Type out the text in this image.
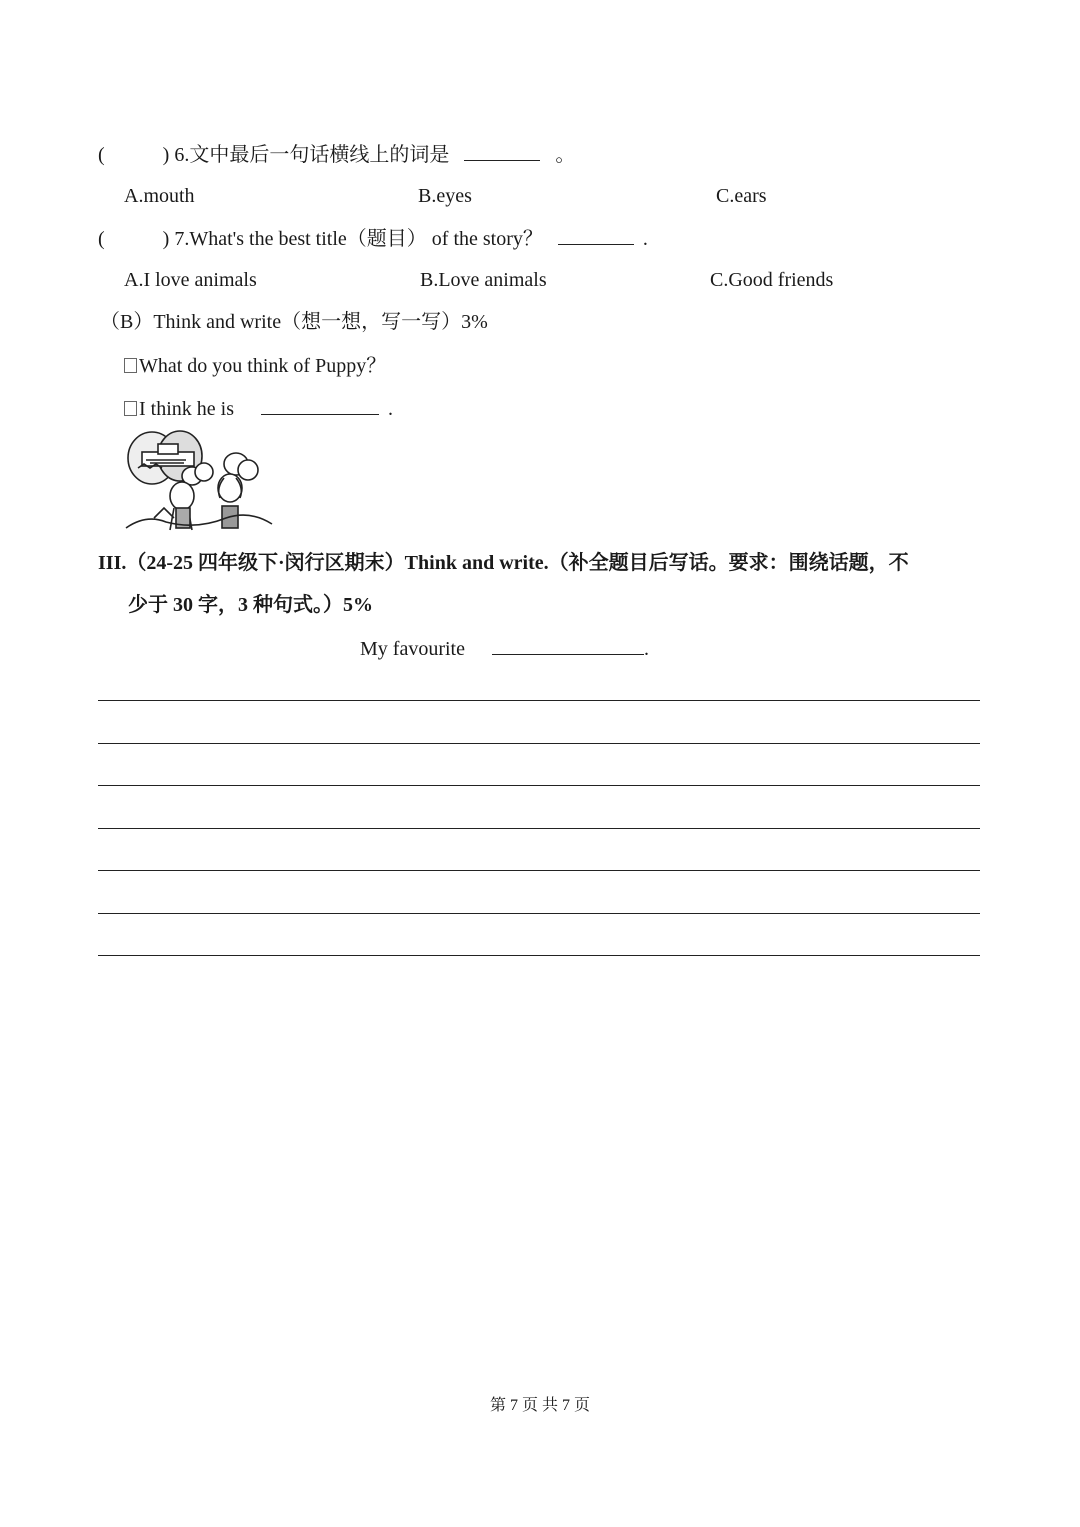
(	) 6.文中最后一句话横线上的词是	。
A.mouth	B.eyes	C.ears
(	) 7.What's the best title（题目） of the story？	.
A.I love animals	B.Love animals	C.Good friends
（B）Think and write（想一想，写一写）3%
What do you think of Puppy？
I think he is	.
III.（24-25 四年级下·闵行区期末）Think and write.（补全题目后写话。要求：围绕话题，不
少于 30 字，3 种句式。）5%
My favourite	.
第 7 页 共 7 页
